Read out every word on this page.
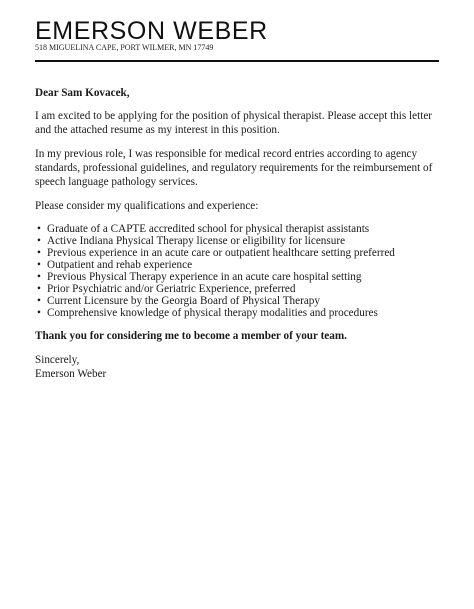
EMERSON WEBER
518 MIGUELINA CAPE, PORT WILMER, MN 17749

Dear Sam Kovacek,

I am excited to be applying for the position of physical therapist. Please accept this letter and the attached resume as my interest in this position.

In my previous role, I was responsible for medical record entries according to agency standards, professional guidelines, and regulatory requirements for the reimbursement of speech language pathology services.

Please consider my qualifications and experience:

• Graduate of a CAPTE accredited school for physical therapist assistants
• Active Indiana Physical Therapy license or eligibility for licensure
• Previous experience in an acute care or outpatient healthcare setting preferred
• Outpatient and rehab experience
• Previous Physical Therapy experience in an acute care hospital setting
• Prior Psychiatric and/or Geriatric Experience, preferred
• Current Licensure by the Georgia Board of Physical Therapy
• Comprehensive knowledge of physical therapy modalities and procedures

Thank you for considering me to become a member of your team.

Sincerely,

Emerson Weber
